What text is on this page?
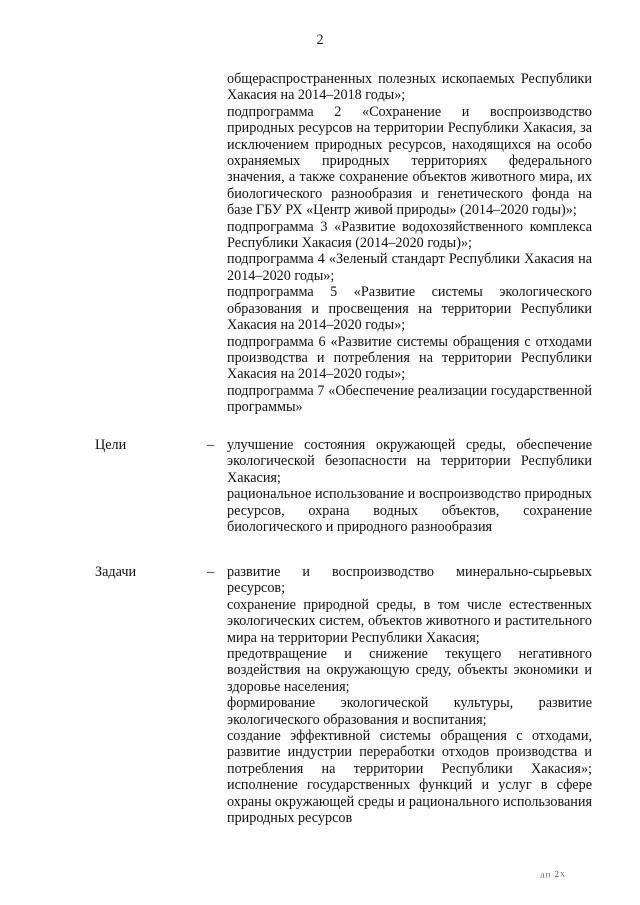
2

общераспространенных полезных ископаемых Республики Хакасия на 2014–2018 годы»;

подпрограмма 2 «Сохранение и воспроизводство природных ресурсов на территории Республики Хакасия, за исключением природных ресурсов, находящихся на особо охраняемых природных территориях федерального значения, а также сохранение объектов животного мира, их биологического разнообразия и генетического фонда на базе ГБУ РХ «Центр живой природы» (2014–2020 годы)»;

подпрограмма 3 «Развитие водохозяйственного комплекса Республики Хакасия (2014–2020 годы)»;

подпрограмма 4 «Зеленый стандарт Республики Хакасия на 2014–2020 годы»;

подпрограмма 5 «Развитие системы экологического образования и просвещения на территории Республики Хакасия на 2014–2020 годы»;

подпрограмма 6 «Развитие системы обращения с отходами производства и потребления на территории Республики Хакасия на 2014–2020 годы»;

подпрограмма 7 «Обеспечение реализации государственной программы»

Цели	– улучшение состояния окружающей среды, обеспечение экологической безопасности на территории Республики Хакасия;

рациональное использование и воспроизводство природных ресурсов, охрана водных объектов, сохранение биологического и природного разнообразия

Задачи	– развитие и воспроизводство минерально-сырьевых ресурсов;

сохранение природной среды, в том числе естественных экологических систем, объектов животного и растительного мира на территории Республики Хакасия;

предотвращение и снижение текущего негативного воздействия на окружающую среду, объекты экономики и здоровье населения;

формирование экологической культуры, развитие экологического образования и воспитания;

создание эффективной системы обращения с отходами, развитие индустрии переработки отходов производства и потребления на территории Республики Хакасия»; исполнение государственных функций и услуг в сфере охраны окружающей среды и рационального использования природных ресурсов

лп 2х
